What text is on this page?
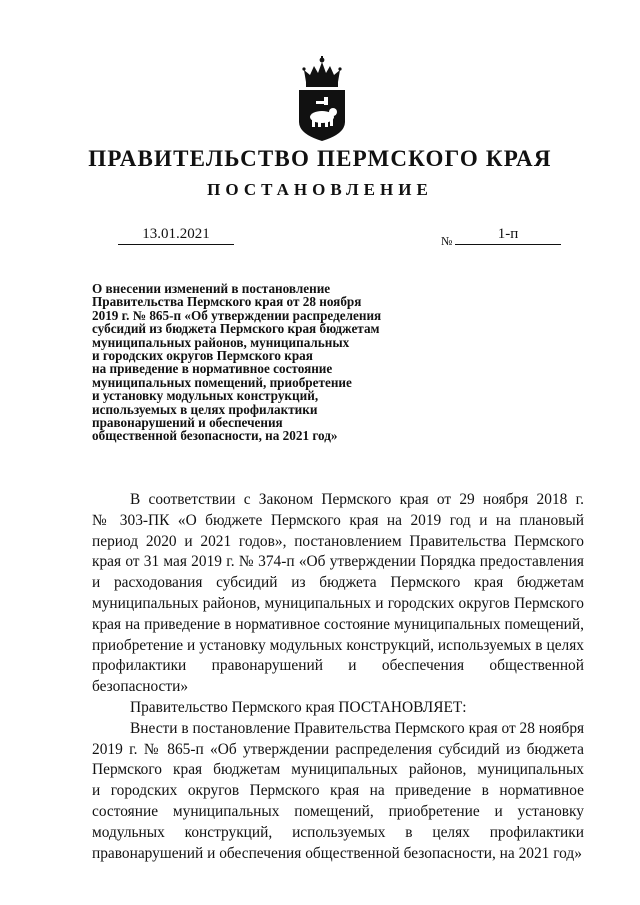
ПРАВИТЕЛЬСТВО ПЕРМСКОГО КРАЯ
ПОСТАНОВЛЕНИЕ
13.01.2021	№	1-п
О внесении изменений в постановление
Правительства Пермского края от 28 ноября
2019 г. № 865-п «Об утверждении распределения
субсидий из бюджета Пермского края бюджетам
муниципальных районов, муниципальных
и городских округов Пермского края
на приведение в нормативное состояние
муниципальных помещений, приобретение
и установку модульных конструкций,
используемых в целях профилактики
правонарушений и обеспечения
общественной безопасности, на 2021 год»

В соответствии с Законом Пермского края от 29 ноября 2018 г.
№ 303-ПК «О бюджете Пермского края на 2019 год и на плановый
период 2020 и 2021 годов», постановлением Правительства Пермского
края от 31 мая 2019 г. № 374-п «Об утверждении Порядка предоставления
и расходования субсидий из бюджета Пермского края бюджетам
муниципальных районов, муниципальных и городских округов Пермского
края на приведение в нормативное состояние муниципальных помещений,
приобретение и установку модульных конструкций, используемых в целях
профилактики правонарушений и обеспечения общественной
безопасности»

Правительство Пермского края ПОСТАНОВЛЯЕТ:

Внести в постановление Правительства Пермского края от 28 ноября
2019 г. № 865-п «Об утверждении распределения субсидий из бюджета
Пермского края бюджетам муниципальных районов, муниципальных
и городских округов Пермского края на приведение в нормативное
состояние муниципальных помещений, приобретение и установку
модульных конструкций, используемых в целях профилактики
правонарушений и обеспечения общественной безопасности, на 2021 год»
